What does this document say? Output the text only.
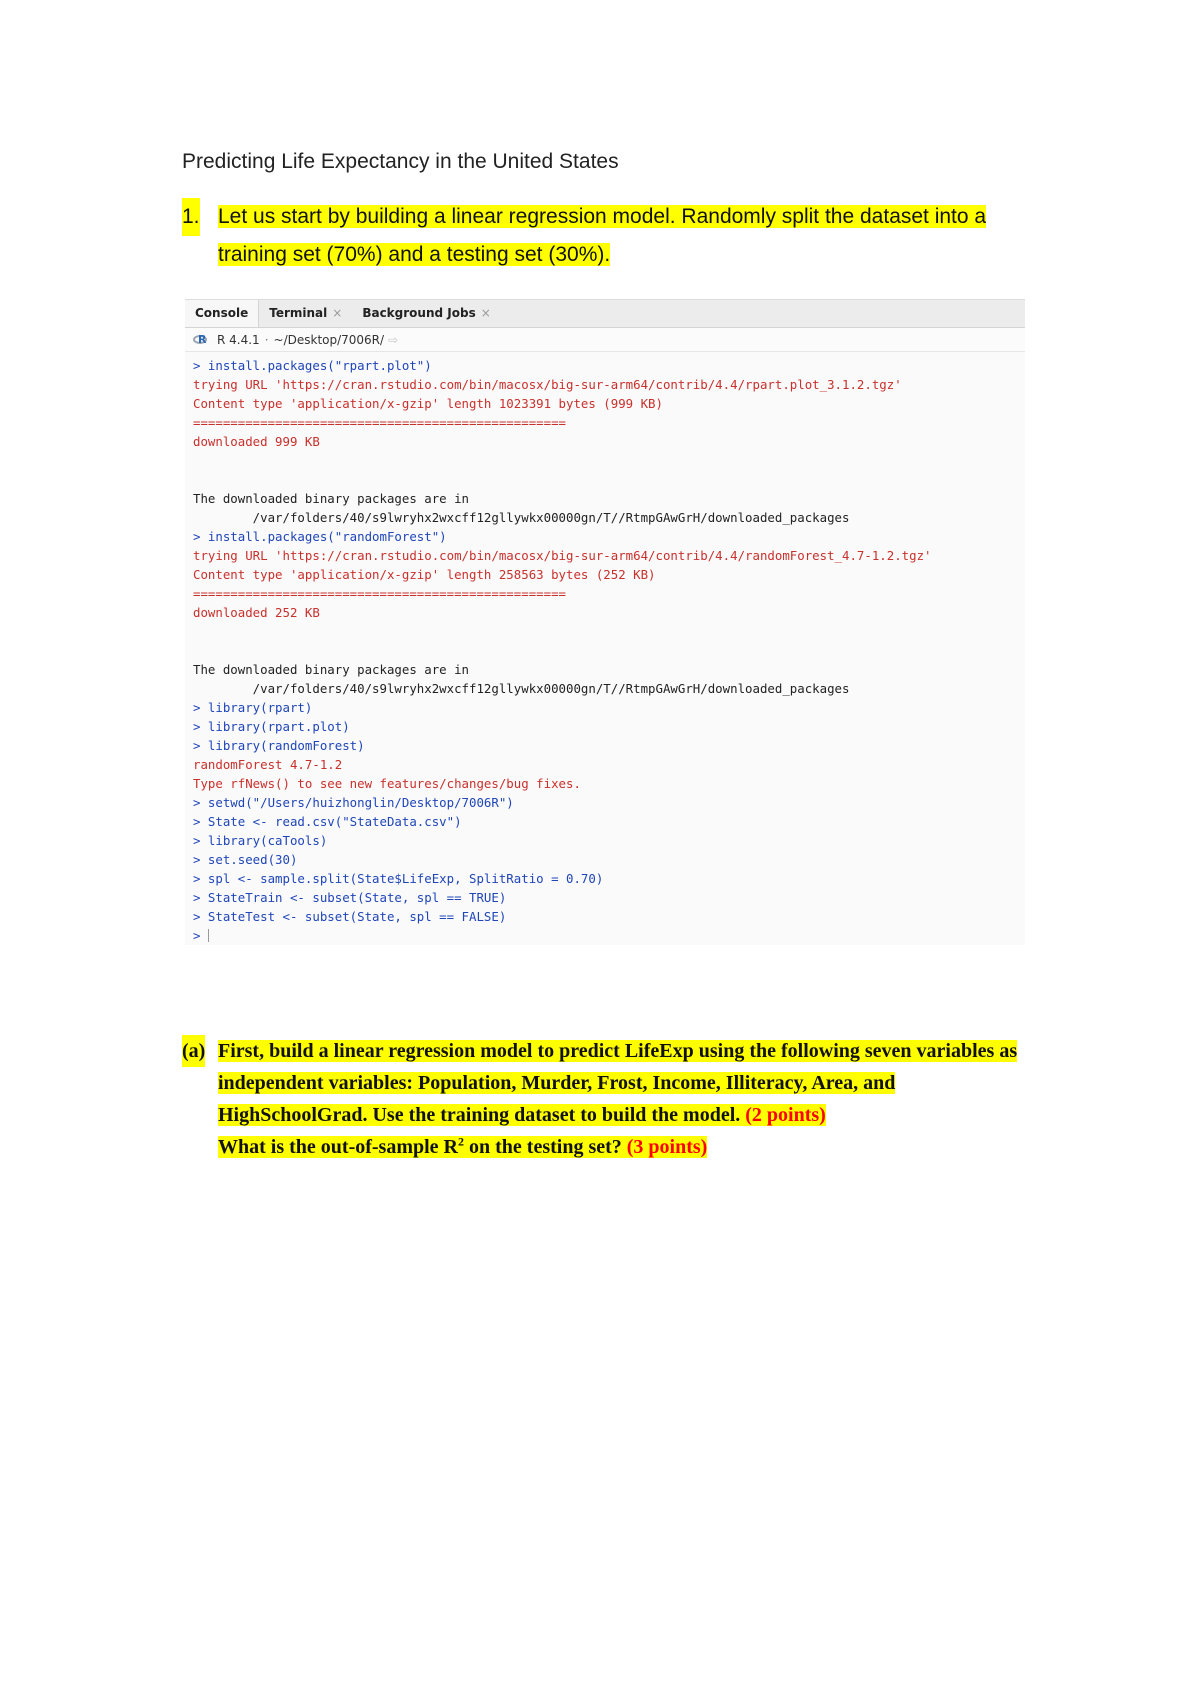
Predicting Life Expectancy in the United States
1. Let us start by building a linear regression model. Randomly split the dataset into a training set (70%) and a testing set (30%).
Console Terminal × Background Jobs ×
R R 4.4.1 · ~/Desktop/7006R/ ⇨
> install.packages("rpart.plot")
trying URL 'https://cran.rstudio.com/bin/macosx/big-sur-arm64/contrib/4.4/rpart.plot_3.1.2.tgz'
Content type 'application/x-gzip' length 1023391 bytes (999 KB)
==================================================
downloaded 999 KB
The downloaded binary packages are in
/var/folders/40/s9lwryhx2wxcff12gllywkx00000gn/T//RtmpGAwGrH/downloaded_packages
> install.packages("randomForest")
trying URL 'https://cran.rstudio.com/bin/macosx/big-sur-arm64/contrib/4.4/randomForest_4.7-1.2.tgz'
Content type 'application/x-gzip' length 258563 bytes (252 KB)
==================================================
downloaded 252 KB
The downloaded binary packages are in
/var/folders/40/s9lwryhx2wxcff12gllywkx00000gn/T//RtmpGAwGrH/downloaded_packages
> library(rpart)
> library(rpart.plot)
> library(randomForest)
randomForest 4.7-1.2
Type rfNews() to see new features/changes/bug fixes.
> setwd("/Users/huizhonglin/Desktop/7006R")
> State <- read.csv("StateData.csv")
> library(caTools)
> set.seed(30)
> spl <- sample.split(State$LifeExp, SplitRatio = 0.70)
> StateTrain <- subset(State, spl == TRUE)
> StateTest <- subset(State, spl == FALSE)
>
(a) First, build a linear regression model to predict LifeExp using the following seven variables as independent variables: Population, Murder, Frost, Income, Illiteracy, Area, and HighSchoolGrad. Use the training dataset to build the model. (2 points)
What is the out-of-sample $R^2$ on the testing set? (3 points)
